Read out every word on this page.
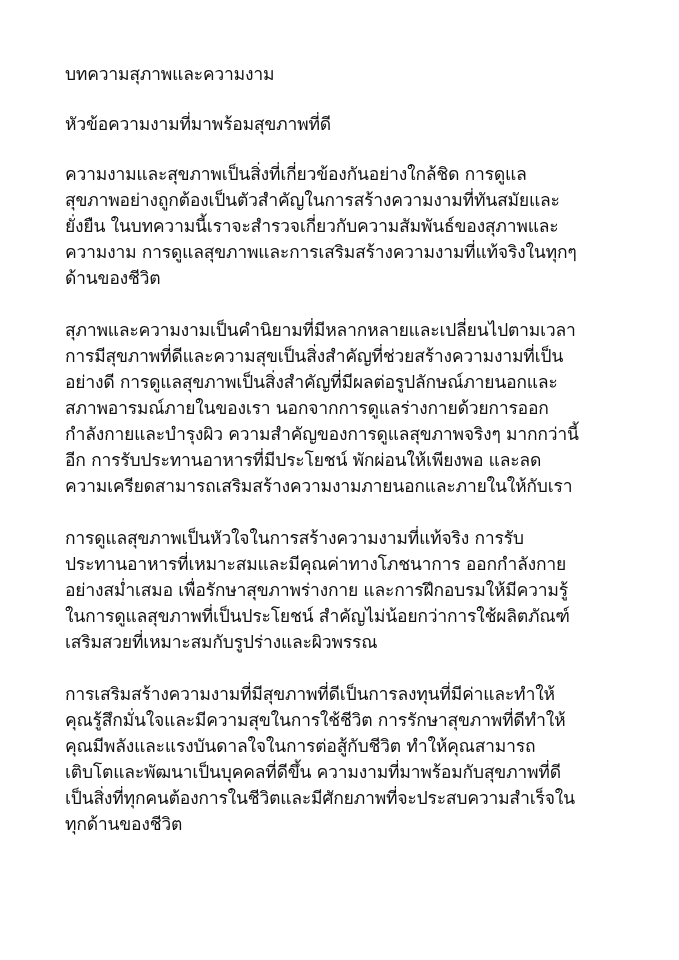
บทความสุภาพและความงาม
หัวข้อความงามที่มาพร้อมสุขภาพที่ดี
ความงามและสุขภาพเป็นสิ่งที่เกี่ยวข้องกันอย่างใกล้ชิด การดูแล
สุขภาพอย่างถูกต้องเป็นตัวสำคัญในการสร้างความงามที่ทันสมัยและ
ยั่งยืน ในบทความนี้เราจะสำรวจเกี่ยวกับความสัมพันธ์ของสุภาพและ
ความงาม การดูแลสุขภาพและการเสริมสร้างความงามที่แท้จริงในทุกๆ
ด้านของชีวิต
สุภาพและความงามเป็นคำนิยามที่มีหลากหลายและเปลี่ยนไปตามเวลา
การมีสุขภาพที่ดีและความสุขเป็นสิ่งสำคัญที่ช่วยสร้างความงามที่เป็น
อย่างดี การดูแลสุขภาพเป็นสิ่งสำคัญที่มีผลต่อรูปลักษณ์ภายนอกและ
สภาพอารมณ์ภายในของเรา นอกจากการดูแลร่างกายด้วยการออก
กำลังกายและบำรุงผิว ความสำคัญของการดูแลสุขภาพจริงๆ มากกว่านี้
อีก การรับประทานอาหารที่มีประโยชน์ พักผ่อนให้เพียงพอ และลด
ความเครียดสามารถเสริมสร้างความงามภายนอกและภายในให้กับเรา
การดูแลสุขภาพเป็นหัวใจในการสร้างความงามที่แท้จริง การรับ
ประทานอาหารที่เหมาะสมและมีคุณค่าทางโภชนาการ ออกกำลังกาย
อย่างสม่ำเสมอ เพื่อรักษาสุขภาพร่างกาย และการฝึกอบรมให้มีความรู้
ในการดูแลสุขภาพที่เป็นประโยชน์ สำคัญไม่น้อยกว่าการใช้ผลิตภัณฑ์
เสริมสวยที่เหมาะสมกับรูปร่างและผิวพรรณ
การเสริมสร้างความงามที่มีสุขภาพที่ดีเป็นการลงทุนที่มีค่าและทำให้
คุณรู้สึกมั่นใจและมีความสุขในการใช้ชีวิต การรักษาสุขภาพที่ดีทำให้
คุณมีพลังและแรงบันดาลใจในการต่อสู้กับชีวิต ทำให้คุณสามารถ
เติบโตและพัฒนาเป็นบุคคลที่ดีขึ้น ความงามที่มาพร้อมกับสุขภาพที่ดี
เป็นสิ่งที่ทุกคนต้องการในชีวิตและมีศักยภาพที่จะประสบความสำเร็จใน
ทุกด้านของชีวิต
